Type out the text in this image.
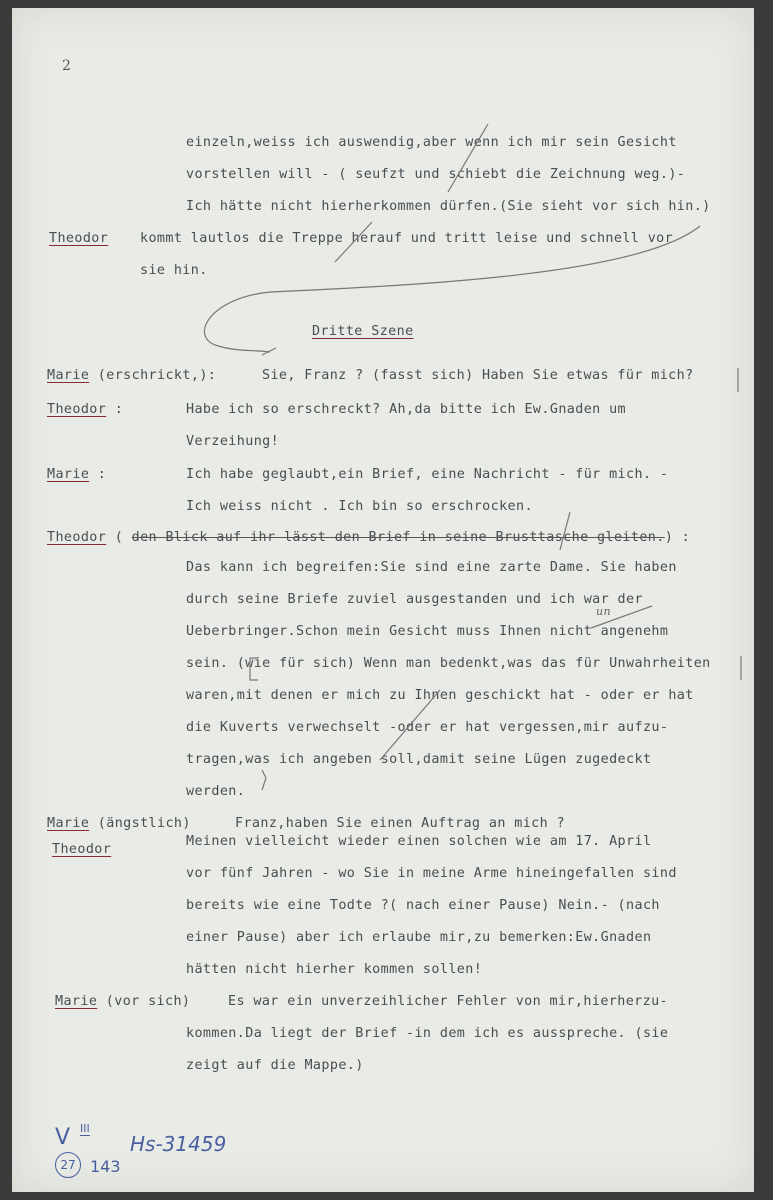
2
einzeln,weiss ich auswendig,aber wenn ich mir sein Gesicht
vorstellen will - ( seufzt und schiebt die Zeichnung weg.)-
Ich hätte nicht hierherkommen dürfen.(Sie sieht vor sich hin.)
Theodor kommt lautlos die Treppe herauf und tritt leise und schnell vor
sie hin.
Dritte Szene
Marie (erschrickt,):	Sie, Franz ? (fasst sich) Haben Sie etwas für mich?
Theodor :	Habe ich so erschreckt? Ah,da bitte ich Ew.Gnaden um
Verzeihung!
Marie :	Ich habe geglaubt,ein Brief, eine Nachricht - für mich. -
Ich weiss nicht . Ich bin so erschrocken.
Theodor ( den Blick auf ihr lässt den Brief in seine Brusttasche gleiten.) :
Das kann ich begreifen:Sie sind eine zarte Dame. Sie haben
durch seine Briefe zuviel ausgestanden und ich war der
Ueberbringer.Schon mein Gesicht muss Ihnen nicht angenehm
sein. (wie für sich) Wenn man bedenkt,was das für Unwahrheiten
waren,mit denen er mich zu Ihnen geschickt hat - oder er hat
die Kuverts verwechselt -oder er hat vergessen,mir aufzu-
tragen,was ich angeben soll,damit seine Lügen zugedeckt
werden.
Marie (ängstlich)	Franz,haben Sie einen Auftrag an mich ?
Theodor
Meinen vielleicht wieder einen solchen wie am 17. April
vor fünf Jahren - wo Sie in meine Arme hineingefallen sind
bereits wie eine Todte ?( nach einer Pause) Nein.- (nach
einer Pause) aber ich erlaube mir,zu bemerken:Ew.Gnaden
hätten nicht hierher kommen sollen!
Marie (vor sich)	Es war ein unverzeihlicher Fehler von mir,hierherzu-
kommen.Da liegt der Brief -in dem ich es ausspreche. (sie
zeigt auf die Mappe.)
un
V III
27 143
Hs-31459
